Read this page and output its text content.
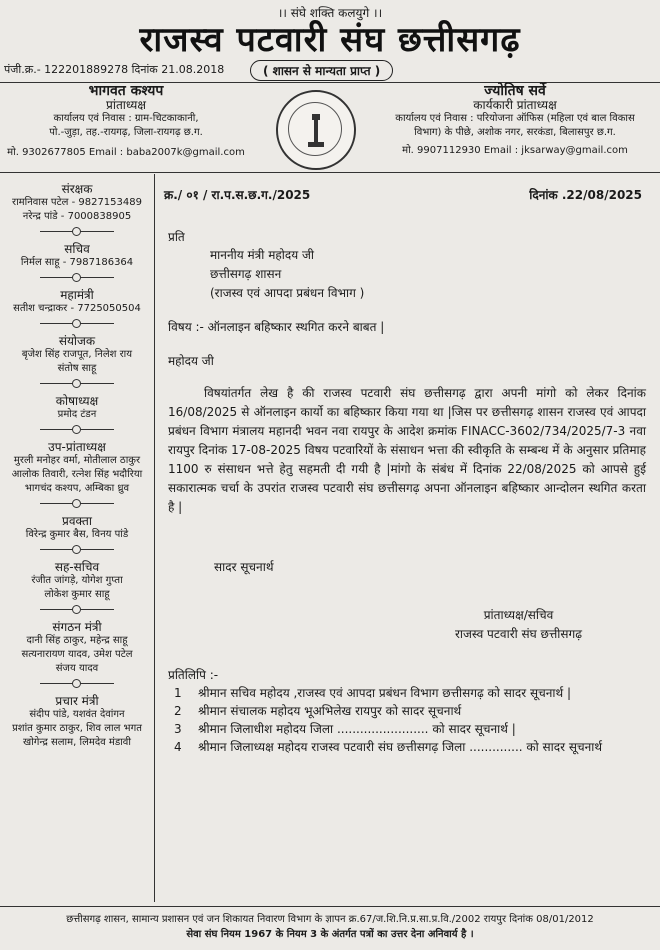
।। संघे शक्ति कलयुगे ।।
राजस्व पटवारी संघ छत्तीसगढ़
पंजी.क्र.- 122201889278 दिनांक 21.08.2018	( शासन से मान्यता प्राप्त )
भागवत कश्यप
प्रांताध्यक्ष
कार्यालय एवं निवास : ग्राम-चिटकाकानी,
पो.-जुड़ा, तह.-रायगढ़, जिला-रायगढ़ छ.ग.
मो. 9302677805 Email : baba2007k@gmail.com
ज्योतिष सर्वे
कार्यकारी प्रांताध्यक्ष
कार्यालय एवं निवास : परियोजना ऑफिस (महिला एवं बाल विकास
विभाग) के पीछे, अशोक नगर, सरकंडा, बिलासपुर छ.ग.
मो. 9907112930 Email : jksarway@gmail.com
संरक्षक
रामनिवास पटेल - 9827153489
नरेन्द्र पांडे - 7000838905
सचिव
निर्मल साहू - 7987186364
महामंत्री
सतीश चन्द्राकर - 7725050504
संयोजक
बृजेश सिंह राजपूत, निलेश राय
संतोष साहू
कोषाध्यक्ष
प्रमोद टंडन
उप-प्रांताध्यक्ष
मुरली मनोहर वर्मा, मोतीलाल ठाकुर
आलोक तिवारी, रत्नेश सिंह भदौरिया
भागचंद कश्यप, अम्बिका ध्रुव
प्रवक्ता
विरेन्द्र कुमार बैस, विनय पांडे
सह-सचिव
रंजीत जांगड़े, योगेश गुप्ता
लोकेश कुमार साहू
संगठन मंत्री
दानी सिंह ठाकुर, महेन्द्र साहू
सत्यनारायण यादव, उमेश पटेल
संजय यादव
प्रचार मंत्री
संदीप पांडे, यशवंत देवांगन
प्रशांत कुमार ठाकुर, शिव लाल भगत
खोगेन्द्र सलाम, लिमदेव मंडावी
क्र./ ०१ / रा.प.स.छ.ग./2025	दिनांक .22/08/2025
प्रति
माननीय मंत्री महोदय जी
छत्तीसगढ़ शासन
(राजस्व एवं आपदा प्रबंधन विभाग )
विषय :- ऑनलाइन बहिष्कार स्थगित करने बाबत |
महोदय जी
विषयांतर्गत लेख है की राजस्व पटवारी संघ छत्तीसगढ़ द्वारा अपनी मांगो को लेकर दिनांक 16/08/2025 से ऑनलाइन कार्यो का बहिष्कार किया गया था |जिस पर छत्तीसगढ़ शासन राजस्व एवं आपदा प्रबंधन विभाग मंत्रालय महानदी भवन नवा रायपुर के आदेश क्रमांक FINACC-3602/734/2025/7-3 नवा रायपुर दिनांक 17-08-2025 विषय पटवारियों के संसाधन भत्ता की स्वीकृति के सम्बन्ध में के अनुसार प्रतिमाह 1100 रु संसाधन भत्ते हेतु सहमती दी गयी है |मांगो के संबंध में दिनांक 22/08/2025 को आपसे हुई सकारात्मक चर्चा के उपरांत राजस्व पटवारी संघ छत्तीसगढ़ अपना ऑनलाइन बहिष्कार आन्दोलन स्थगित करता है |
सादर सूचनार्थ
प्रांताध्यक्ष/सचिव
राजस्व पटवारी संघ छत्तीसगढ़
प्रतिलिपि :-
1 श्रीमान सचिव महोदय ,राजस्व एवं आपदा प्रबंधन विभाग छत्तीसगढ़ को सादर सूचनार्थ |
2 श्रीमान संचालक महोदय भूअभिलेख रायपुर को सादर सूचनार्थ
3 श्रीमान जिलाधीश महोदय जिला ........................ को सादर सूचनार्थ |
4 श्रीमान जिलाध्यक्ष महोदय राजस्व पटवारी संघ छत्तीसगढ़ जिला .............. को सादर सूचनार्थ
छत्तीसगढ़ शासन, सामान्य प्रशासन एवं जन शिकायत निवारण विभाग के ज्ञापन क्र.67/ज.शि.नि.प्र.सा.प्र.वि./2002 रायपुर दिनांक 08/01/2012
सेवा संघ नियम 1967 के नियम 3 के अंतर्गत पत्रों का उत्तर देना अनिवार्य है ।
